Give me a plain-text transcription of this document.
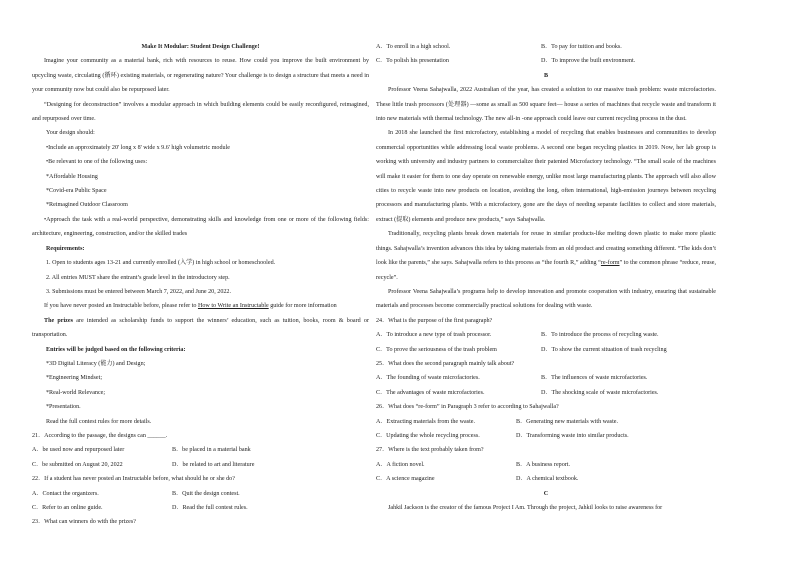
Make It Modular: Student Design Challenge!
Imagine your community as a material bank, rich with resources to reuse. How could you improve the built environment by upcycling waste, circulating (循环) existing materials, or regenerating nature? Your challenge is to design a structure that meets a need in your community now but could also be repurposed later.
“Designing for deconstruction” involves a modular approach in which building elements could be easily reconfigured, reimagined, and repurposed over time.
Your design should:
•Include an approximately 20' long x 8' wide x 9.6' high volumetric module
•Be relevant to one of the following uses:
*Affordable Housing
*Covid-era Public Space
*Reimagined Outdoor Classroom
•Approach the task with a real-world perspective, demonstrating skills and knowledge from one or more of the following fields: architecture, engineering, construction, and/or the skilled trades
Requirements:
1. Open to students ages 13-21 and currently enrolled (入学) in high school or homeschooled.
2. All entries MUST share the entrant’s grade level in the introductory step.
3. Submissions must be entered between March 7, 2022, and June 20, 2022.
If you have never posted an Instructable before, please refer to How to Write an Instructable guide for more information
The prizes are intended as scholarship funds to support the winners’ education, such as tuition, books, room & board or transportation.
Entries will be judged based on the following criteria:
*3D Digital Literacy (能力) and Design;
*Engineering Mindset;
*Real-world Relevance;
*Presentation.
Read the full contest rules for more details.
21．According to the passage, the designs can ______.
A．be used now and repurposed later	B．be placed in a material bank
C．be submitted on August 20, 2022	D．be related to art and literature
22．If a student has never posted an Instructable before, what should he or she do?
A．Contact the organizers.	B．Quit the design contest.
C．Refer to an online guide.	D．Read the full contest rules.
23．What can winners do with the prizes?
A．To enroll in a high school.	B．To pay for tuition and books.
C．To polish his presentation	D．To improve the built environment.
B
Professor Veena Sahajwalla, 2022 Australian of the year, has created a solution to our massive trash problem: waste microfactories. These little trash processors (处理器) —some as small as 500 square feet— house a series of machines that recycle waste and transform it into new materials with thermal technology. The new all-in -one approach could leave our current recycling process in the dust.
In 2018 she launched the first microfactory, establishing a model of recycling that enables businesses and communities to develop commercial opportunities while addressing local waste problems. A second one began recycling plastics in 2019. Now, her lab group is working with university and industry partners to commercialize their patented Microfactory technology. “The small scale of the machines will make it easier for them to one day operate on renewable energy, unlike most large manufacturing plants. The approach will also allow cities to recycle waste into new products on location, avoiding the long, often international, high-emission journeys between recycling processors and manufacturing plants. With a microfactory, gone are the days of needing separate facilities to collect and store materials, extract (提取) elements and produce new products,” says Sahajwalla.
Traditionally, recycling plants break down materials for reuse in similar products-like melting down plastic to make more plastic things. Sahajwalla’s invention advances this idea by taking materials from an old product and creating something different. “The kids don’t look like the parents,” she says. Sahajwalla refers to this process as “the fourth R,” adding “re-form” to the common phrase “reduce, reuse, recycle”.
Professor Veena Sahajwalla’s programs help to develop innovation and promote cooperation with industry, ensuring that sustainable materials and processes become commercially practical solutions for dealing with waste.
24．What is the purpose of the first paragraph?
A．To introduce a new type of trash processor.	B．To introduce the process of recycling waste.
C．To prove the seriousness of the trash problem	D．To show the current situation of trash recycling
25．What does the second paragraph mainly talk about?
A．The founding of waste microfactories.	B．The influences of waste microfactories.
C．The advantages of waste microfactories.	D．The shocking scale of waste microfactories.
26．What does “re-form” in Paragraph 3 refer to according to Sahajwalla?
A．Extracting materials from the waste.	B．Generating new materials with waste.
C．Updating the whole recycling process.	D．Transforming waste into similar products.
27．Where is the text probably taken from?
A．A fiction novel.	B．A business report.
C．A science magazine	D．A chemical textbook.
C
Jahkil Jackson is the creator of the famous Project I Am. Through the project, Jahkil looks to raise awareness for
